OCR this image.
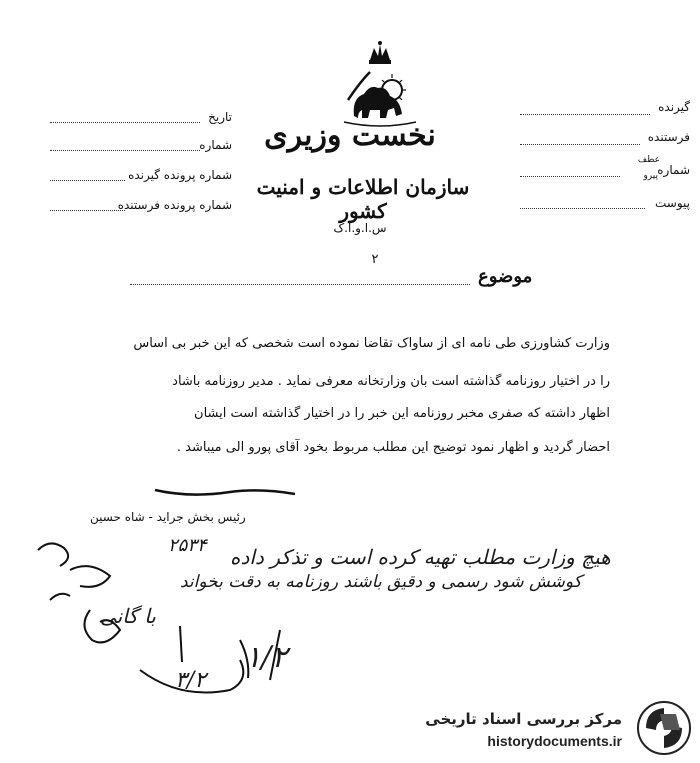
نخست وزیری
سازمان اطلاعات و امنیت کشور
س.ا.و.ا.ک
۲
گیرنده
فرستنده
شماره
عطف
پیرو
پیوست
تاریخ
شماره
شماره پرونده گیرنده
شماره پرونده فرستنده
موضوع
وزارت کشاورزی طی نامه ای از ساواک تقاضا نموده است شخصی که این خبر بی اساس
را در اختیار روزنامه گذاشته است بان وزارتخانه معرفی نماید . مدیر روزنامه باشاد
اظهار داشته که صفری مخبر روزنامه این خبر را در اختیار گذاشته است ایشان
احضار گردید و اظهار نمود توضیح این مطلب مربوط بخود آقای پورو الی میباشد .
رئیس بخش جراید - شاه حسین
۲۵۳۴ هیچ وزارت مطلب تهیه کرده است و تذکر داده
کوشش شود رسمی و دقیق باشند روزنامه به دقت بخواند
با گانی
۱/۲
۳/۲
مرکز بررسی اسناد تاریخی
historydocuments.ir
